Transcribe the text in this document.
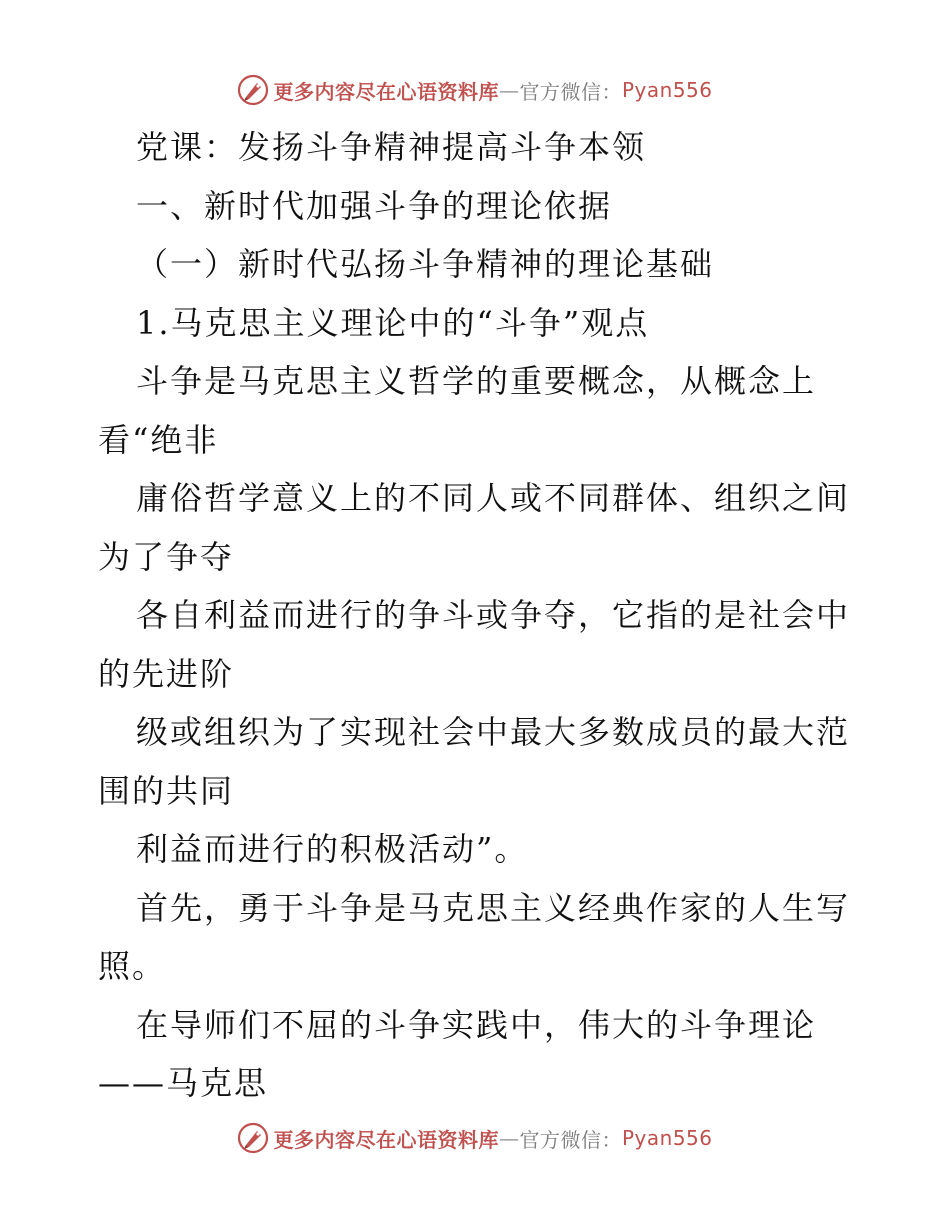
更多内容尽在心语资料库 — 官方微信： Pyan556
党课：发扬斗争精神提高斗争本领
一、新时代加强斗争的理论依据
（一）新时代弘扬斗争精神的理论基础
1.马克思主义理论中的“斗争”观点
斗争是马克思主义哲学的重要概念，从概念上
看“绝非
庸俗哲学意义上的不同人或不同群体、组织之间
为了争夺
各自利益而进行的争斗或争夺，它指的是社会中
的先进阶
级或组织为了实现社会中最大多数成员的最大范
围的共同
利益而进行的积极活动”。
首先，勇于斗争是马克思主义经典作家的人生写
照。
在导师们不屈的斗争实践中，伟大的斗争理论
——马克思
更多内容尽在心语资料库 — 官方微信： Pyan556
